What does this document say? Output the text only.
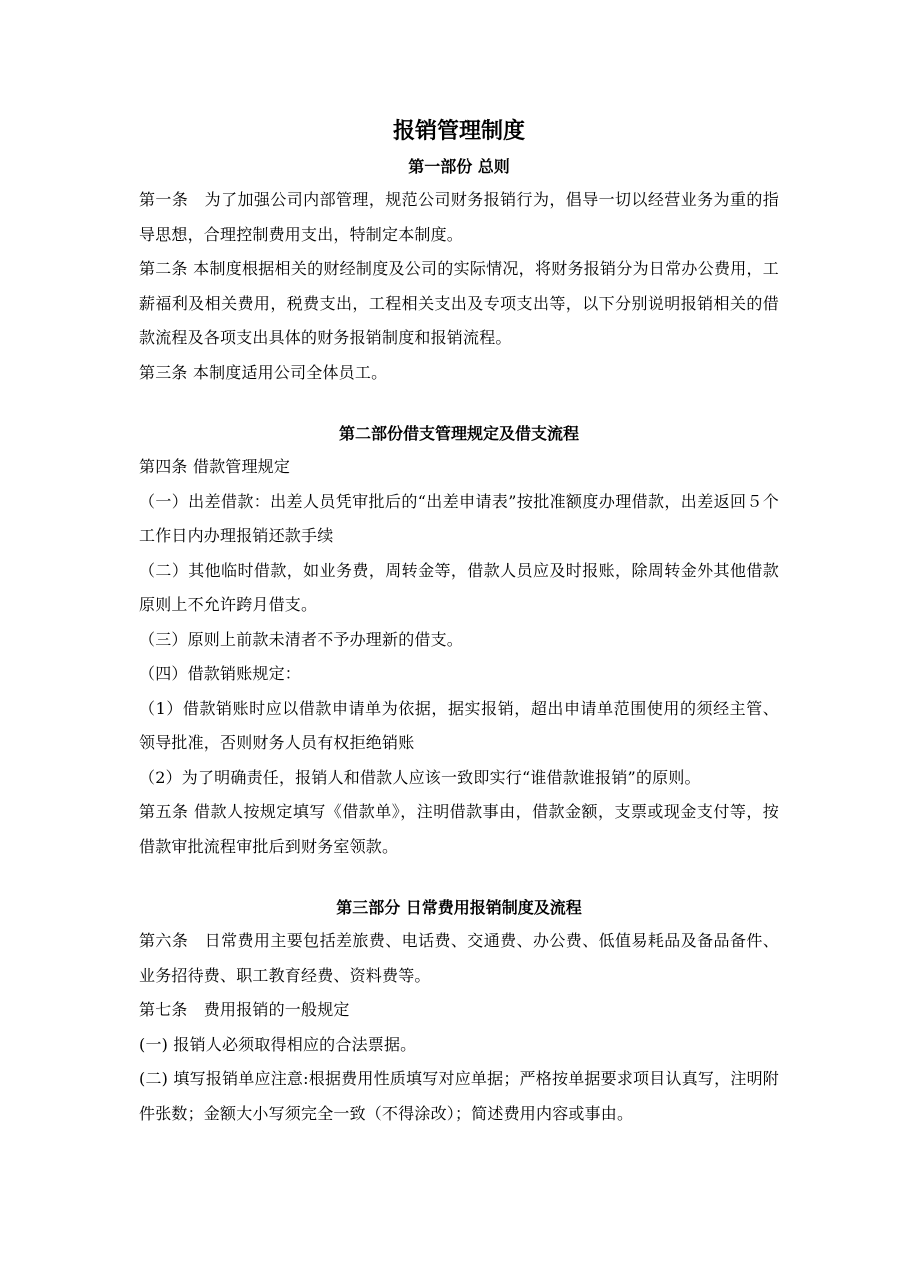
报销管理制度
第一部份 总则

第一条　为了加强公司内部管理，规范公司财务报销行为，倡导一切以经营业务为重的指导思想，合理控制费用支出，特制定本制度。

第二条 本制度根据相关的财经制度及公司的实际情况，将财务报销分为日常办公费用，工薪福利及相关费用，税费支出，工程相关支出及专项支出等，以下分别说明报销相关的借款流程及各项支出具体的财务报销制度和报销流程。

第三条 本制度适用公司全体员工。

第二部份借支管理规定及借支流程

第四条 借款管理规定

（一）出差借款：出差人员凭审批后的“出差申请表”按批准额度办理借款，出差返回５个工作日内办理报销还款手续

（二）其他临时借款，如业务费，周转金等，借款人员应及时报账，除周转金外其他借款原则上不允许跨月借支。

（三）原则上前款未清者不予办理新的借支。

（四）借款销账规定：

（1）借款销账时应以借款申请单为依据，据实报销，超出申请单范围使用的须经主管、领导批准，否则财务人员有权拒绝销账

（2）为了明确责任，报销人和借款人应该一致即实行“谁借款谁报销”的原则。

第五条 借款人按规定填写《借款单》，注明借款事由，借款金额，支票或现金支付等，按借款审批流程审批后到财务室领款。

第三部分 日常费用报销制度及流程

第六条　日常费用主要包括差旅费、电话费、交通费、办公费、低值易耗品及备品备件、业务招待费、职工教育经费、资料费等。

第七条　费用报销的一般规定

(一) 报销人必须取得相应的合法票据。

(二) 填写报销单应注意:根据费用性质填写对应单据；严格按单据要求项目认真写，注明附件张数；金额大小写须完全一致（不得涂改）；简述费用内容或事由。
